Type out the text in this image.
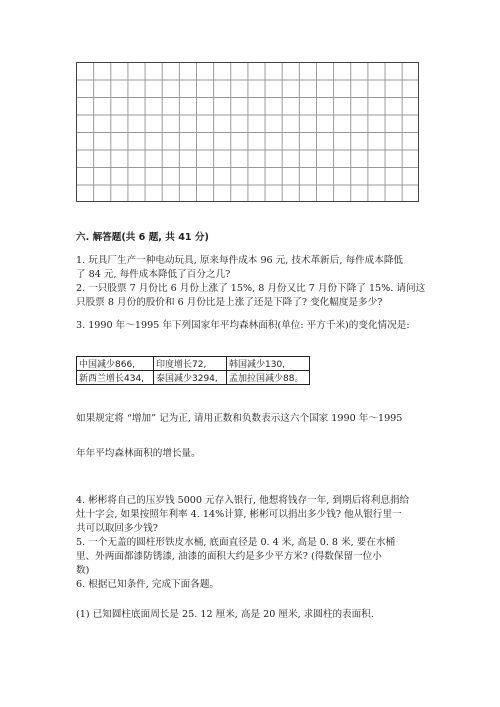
六. 解答题(共 6 题, 共 41 分)
1. 玩具厂生产一种电动玩具, 原来每件成本 96 元, 技术革新后, 每件成本降低
了 84 元, 每件成本降低了百分之几?
2. 一只股票 7 月份比 6 月份上涨了 15%, 8 月份又比 7 月份下降了 15%. 请问这
只股票 8 月份的股价和 6 月份比是上涨了还是下降了? 变化幅度是多少?
3. 1990 年～1995 年下列国家年平均森林面积(单位: 平方千米)的变化情况是:
中国减少866,	印度增长72,	韩国减少130,
新西兰增长434,	泰国减少3294,	孟加拉国减少88。
如果规定将 “增加” 记为正, 请用正数和负数表示这六个国家 1990 年～1995
年年平均森林面积的增长量。
4. 彬彬将自己的压岁钱 5000 元存入银行, 他想将钱存一年, 到期后将利息捐给
灶十字会, 如果按照年利率 4. 14%计算, 彬彬可以捐出多少钱? 他从银行里一
共可以取回多少钱?
5. 一个无盖的圆柱形铁皮水桶, 底面直径是 0. 4 米, 高是 0. 8 米, 要在水桶
里、外两面都漆防锈漆, 油漆的面积大约是多少平方米? (得数保留一位小
数)
6. 根据已知条件, 完成下面各题。
(1) 已知圆柱底面周长是 25. 12 厘米, 高是 20 厘米, 求圆柱的表面积.
